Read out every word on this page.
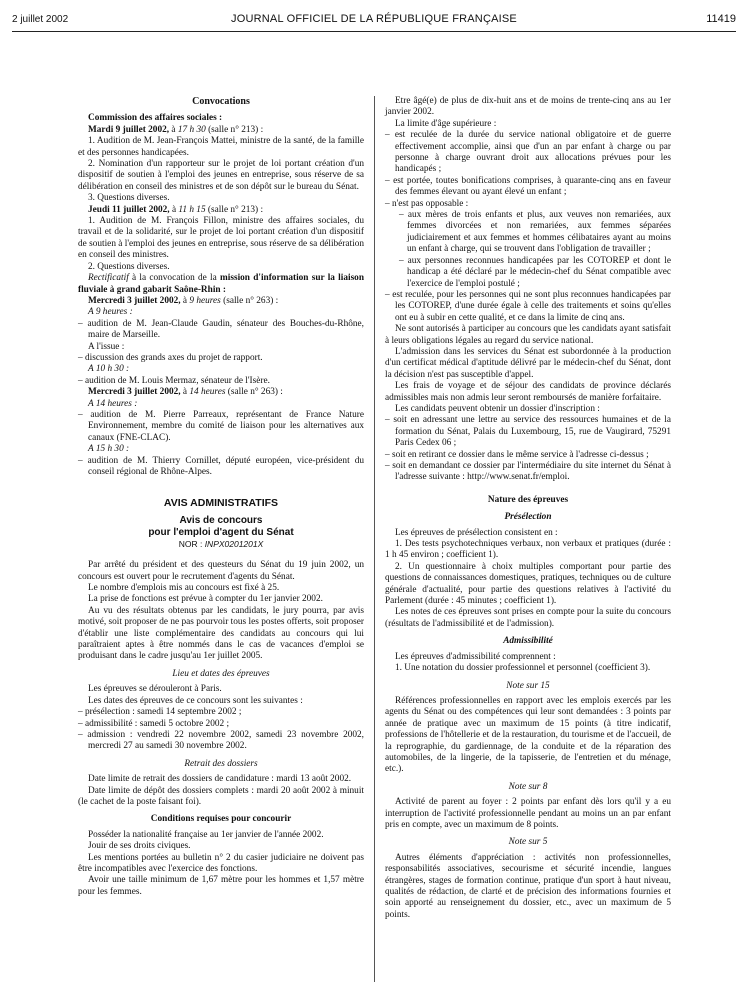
2 juillet 2002	JOURNAL OFFICIEL DE LA RÉPUBLIQUE FRANÇAISE	11419
Convocations

Commission des affaires sociales :

Mardi 9 juillet 2002, à 17 h 30 (salle n° 213) :

1. Audition de M. Jean-François Mattei, ministre de la santé, de la famille et des personnes handicapées.

2. Nomination d'un rapporteur sur le projet de loi portant création d'un dispositif de soutien à l'emploi des jeunes en entreprise, sous réserve de sa délibération en conseil des ministres et de son dépôt sur le bureau du Sénat.

3. Questions diverses.

Jeudi 11 juillet 2002, à 11 h 15 (salle n° 213) :

1. Audition de M. François Fillon, ministre des affaires sociales, du travail et de la solidarité, sur le projet de loi portant création d'un dispositif de soutien à l'emploi des jeunes en entreprise, sous réserve de sa délibération en conseil des ministres.

2. Questions diverses.

Rectificatif à la convocation de la mission d'information sur la liaison fluviale à grand gabarit Saône-Rhin :

Mercredi 3 juillet 2002, à 9 heures (salle n° 263) :

A 9 heures :

– audition de M. Jean-Claude Gaudin, sénateur des Bouches-du-Rhône, maire de Marseille.

A l'issue :

– discussion des grands axes du projet de rapport.

A 10 h 30 :

– audition de M. Louis Mermaz, sénateur de l'Isère.

Mercredi 3 juillet 2002, à 14 heures (salle n° 263) :

A 14 heures :

– audition de M. Pierre Parreaux, représentant de France Nature Environnement, membre du comité de liaison pour les alternatives aux canaux (FNE-CLAC).

A 15 h 30 :

– audition de M. Thierry Cornillet, député européen, vice-président du conseil régional de Rhône-Alpes.

AVIS ADMINISTRATIFS
Avis de concours
pour l'emploi d'agent du Sénat
NOR : INPX0201201X

Par arrêté du président et des questeurs du Sénat du 19 juin 2002, un concours est ouvert pour le recrutement d'agents du Sénat.

Le nombre d'emplois mis au concours est fixé à 25.

La prise de fonctions est prévue à compter du 1er janvier 2002.

Au vu des résultats obtenus par les candidats, le jury pourra, par avis motivé, soit proposer de ne pas pourvoir tous les postes offerts, soit proposer d'établir une liste complémentaire des candidats au concours qui lui paraîtraient aptes à être nommés dans le cas de vacances d'emploi se produisant dans le cadre jusqu'au 1er juillet 2005.

Lieu et dates des épreuves

Les épreuves se dérouleront à Paris.

Les dates des épreuves de ce concours sont les suivantes :

– présélection : samedi 14 septembre 2002 ;

– admissibilité : samedi 5 octobre 2002 ;

– admission : vendredi 22 novembre 2002, samedi 23 novembre 2002, mercredi 27 au samedi 30 novembre 2002.

Retrait des dossiers

Date limite de retrait des dossiers de candidature : mardi 13 août 2002.

Date limite de dépôt des dossiers complets : mardi 20 août 2002 à minuit (le cachet de la poste faisant foi).

Conditions requises pour concourir

Posséder la nationalité française au 1er janvier de l'année 2002.

Jouir de ses droits civiques.

Les mentions portées au bulletin n° 2 du casier judiciaire ne doivent pas être incompatibles avec l'exercice des fonctions.

Avoir une taille minimum de 1,67 mètre pour les hommes et 1,57 mètre pour les femmes.

Etre âgé(e) de plus de dix-huit ans et de moins de trente-cinq ans au 1er janvier 2002.

La limite d'âge supérieure :

– est reculée de la durée du service national obligatoire et de guerre effectivement accomplie, ainsi que d'un an par enfant à charge ou par personne à charge ouvrant droit aux allocations prévues pour les handicapés ;

– est portée, toutes bonifications comprises, à quarante-cinq ans en faveur des femmes élevant ou ayant élevé un enfant ;

– n'est pas opposable :

– aux mères de trois enfants et plus, aux veuves non remariées, aux femmes divorcées et non remariées, aux femmes séparées judiciairement et aux femmes et hommes célibataires ayant au moins un enfant à charge, qui se trouvent dans l'obligation de travailler ;

– aux personnes reconnues handicapées par les COTOREP et dont le handicap a été déclaré par le médecin-chef du Sénat compatible avec l'exercice de l'emploi postulé ;

– est reculée, pour les personnes qui ne sont plus reconnues handicapées par les COTOREP, d'une durée égale à celle des traitements et soins qu'elles ont eu à subir en cette qualité, et ce dans la limite de cinq ans.

Ne sont autorisés à participer au concours que les candidats ayant satisfait à leurs obligations légales au regard du service national.

L'admission dans les services du Sénat est subordonnée à la production d'un certificat médical d'aptitude délivré par le médecin-chef du Sénat, dont la décision n'est pas susceptible d'appel.

Les frais de voyage et de séjour des candidats de province déclarés admissibles mais non admis leur seront remboursés de manière forfaitaire.

Les candidats peuvent obtenir un dossier d'inscription :

– soit en adressant une lettre au service des ressources humaines et de la formation du Sénat, Palais du Luxembourg, 15, rue de Vaugirard, 75291 Paris Cedex 06 ;

– soit en retirant ce dossier dans le même service à l'adresse ci-dessus ;

– soit en demandant ce dossier par l'intermédiaire du site internet du Sénat à l'adresse suivante : http://www.senat.fr/emploi.

Nature des épreuves
Présélection

Les épreuves de présélection consistent en :

1. Des tests psychotechniques verbaux, non verbaux et pratiques (durée : 1 h 45 environ ; coefficient 1).

2. Un questionnaire à choix multiples comportant pour partie des questions de connaissances domestiques, pratiques, techniques ou de culture générale d'actualité, pour partie des questions relatives à l'activité du Parlement (durée : 45 minutes ; coefficient 1).

Les notes de ces épreuves sont prises en compte pour la suite du concours (résultats de l'admissibilité et de l'admission).

Admissibilité

Les épreuves d'admissibilité comprennent :

1. Une notation du dossier professionnel et personnel (coefficient 3).

Note sur 15

Références professionnelles en rapport avec les emplois exercés par les agents du Sénat ou des compétences qui leur sont demandées : 3 points par année de pratique avec un maximum de 15 points (à titre indicatif, professions de l'hôtellerie et de la restauration, du tourisme et de l'accueil, de la reprographie, du gardiennage, de la conduite et de la réparation des automobiles, de la lingerie, de la tapisserie, de l'entretien et du ménage, etc.).

Note sur 8

Activité de parent au foyer : 2 points par enfant dès lors qu'il y a eu interruption de l'activité professionnelle pendant au moins un an par enfant pris en compte, avec un maximum de 8 points.

Note sur 5

Autres éléments d'appréciation : activités non professionnelles, responsabilités associatives, secourisme et sécurité incendie, langues étrangères, stages de formation continue, pratique d'un sport à haut niveau, qualités de rédaction, de clarté et de précision des informations fournies et soin apporté au renseignement du dossier, etc., avec un maximum de 5 points.
